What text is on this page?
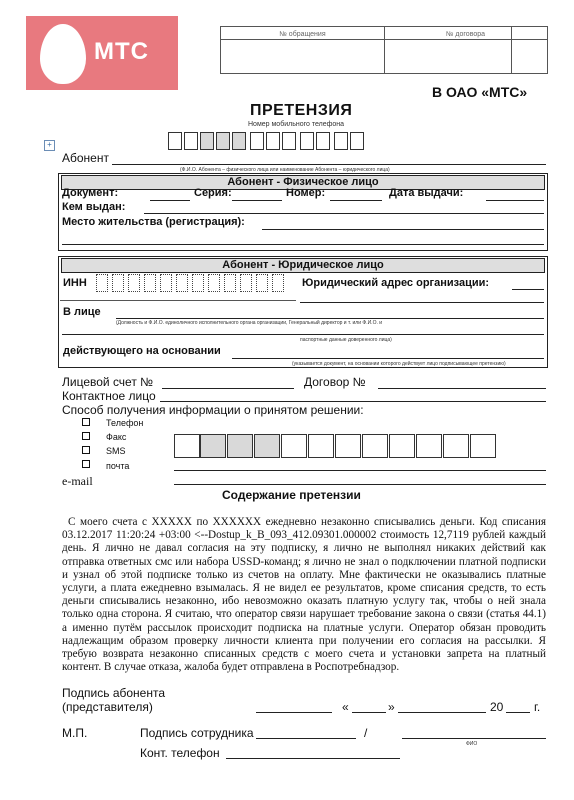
МТС
№ обращения	№ договора
В ОАО «МТС»
ПРЕТЕНЗИЯ
Номер мобильного телефона
+
Абонент
(Ф.И.О. Абонента – физического лица или наименование Абонента – юридического лица)
Абонент - Физическое лицо
Документ:	Серия:	Номер:	Дата выдачи:
Кем выдан:
Место жительства (регистрация):
Абонент - Юридическое лицо
ИНН	Юридический адрес организации:
В лице
(Должность и Ф.И.О. единоличного исполнительного органа организации, Генеральный директор и т. или Ф.И.О. и
паспортные данные доверенного лица)
действующего на основании
(указывается документ, на основании которого действует лицо подписывающее претензию)
Лицевой счет №	Договор №
Контактное лицо
Способ получения информации о принятом решении:
Телефон
Факс
SMS
почта
e-mail
Содержание претензии
С моего счета с XXXXX по XXXXXX ежедневно незаконно списывались деньги. Код списания 03.12.2017 11:20:24 +03:00 <--Dostup_k_B_093_412.09301.000002 стоимость 12,7119 рублей каждый день. Я лично не давал согласия на эту подписку, я лично не выполнял никаких действий как отправка ответных смс или набора USSD-команд; я лично не знал о подключении платной подписки и узнал об этой подписке только из счетов на оплату. Мне фактически не оказывались платные услуги, а плата ежедневно взымалась. Я не видел ее результатов, кроме списания средств, то есть деньги списывались незаконно, ибо невозможно оказать платную услугу так, чтобы о ней знала только одна сторона. Я считаю, что оператор связи нарушает требование закона о связи (статья 44.1) а именно путём рассылок происходит подписка на платные услуги. Оператор обязан проводить надлежащим образом проверку личности клиента при получении его согласия на рассылки. Я требую возврата незаконно списанных средств с моего счета и установки запрета на платный контент. В случае отказа, жалоба будет отправлена в Роспотребнадзор.
Подпись абонента
(представителя)	«	»	20	г.
М.П.	Подпись сотрудника	/
ФИО
Конт. телефон
